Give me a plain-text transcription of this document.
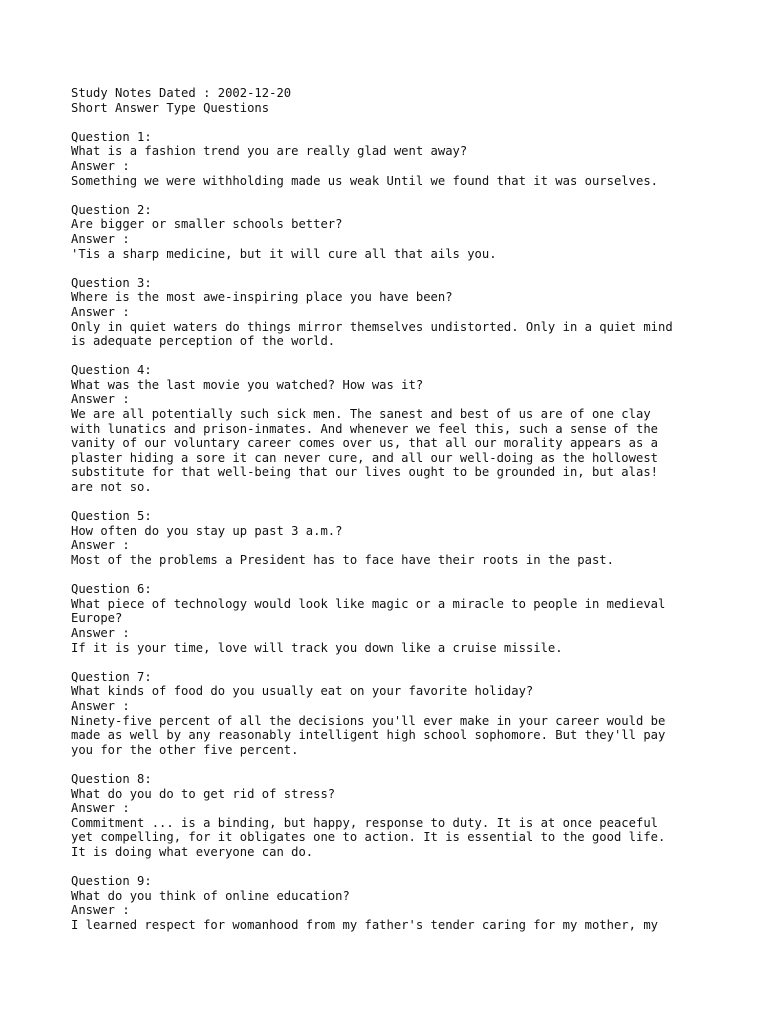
Study Notes Dated : 2002-12-20
Short Answer Type Questions
Question 1:
What is a fashion trend you are really glad went away?
Answer :
Something we were withholding made us weak Until we found that it was ourselves.
Question 2:
Are bigger or smaller schools better?
Answer :
'Tis a sharp medicine, but it will cure all that ails you.
Question 3:
Where is the most awe-inspiring place you have been?
Answer :
Only in quiet waters do things mirror themselves undistorted. Only in a quiet mind
is adequate perception of the world.
Question 4:
What was the last movie you watched? How was it?
Answer :
We are all potentially such sick men. The sanest and best of us are of one clay
with lunatics and prison-inmates. And whenever we feel this, such a sense of the
vanity of our voluntary career comes over us, that all our morality appears as a
plaster hiding a sore it can never cure, and all our well-doing as the hollowest
substitute for that well-being that our lives ought to be grounded in, but alas!
are not so.
Question 5:
How often do you stay up past 3 a.m.?
Answer :
Most of the problems a President has to face have their roots in the past.
Question 6:
What piece of technology would look like magic or a miracle to people in medieval
Europe?
Answer :
If it is your time, love will track you down like a cruise missile.
Question 7:
What kinds of food do you usually eat on your favorite holiday?
Answer :
Ninety-five percent of all the decisions you'll ever make in your career would be
made as well by any reasonably intelligent high school sophomore. But they'll pay
you for the other five percent.
Question 8:
What do you do to get rid of stress?
Answer :
Commitment ... is a binding, but happy, response to duty. It is at once peaceful
yet compelling, for it obligates one to action. It is essential to the good life.
It is doing what everyone can do.
Question 9:
What do you think of online education?
Answer :
I learned respect for womanhood from my father's tender caring for my mother, my
